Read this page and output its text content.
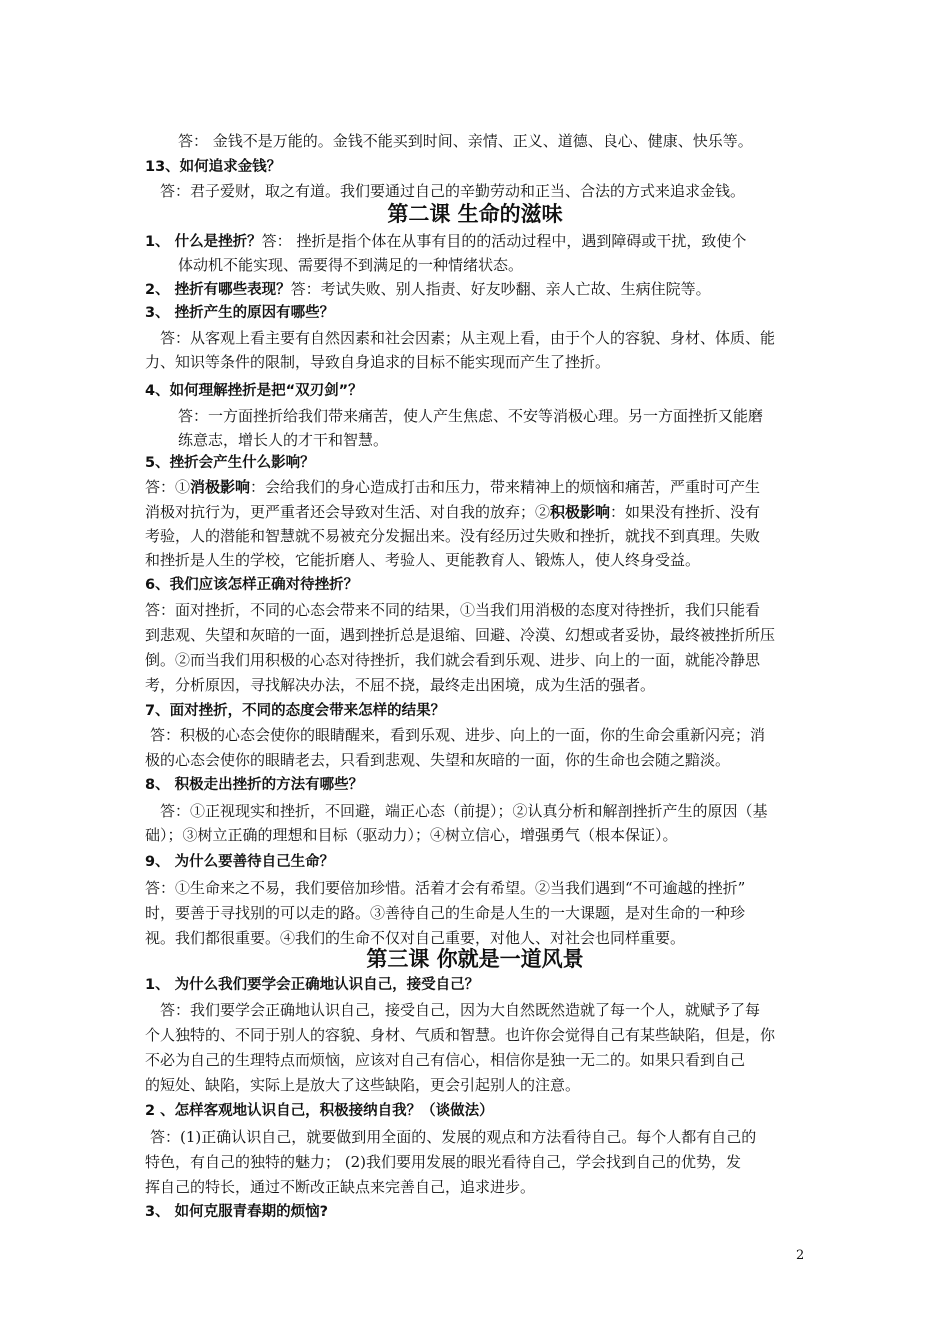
答： 金钱不是万能的。金钱不能买到时间、亲情、正义、道德、良心、健康、快乐等。
13、如何追求金钱？
答：君子爱财，取之有道。我们要通过自己的辛勤劳动和正当、合法的方式来追求金钱。
第二课 生命的滋味
1、 什么是挫折？答： 挫折是指个体在从事有目的的活动过程中，遇到障碍或干扰，致使个
体动机不能实现、需要得不到满足的一种情绪状态。
2、 挫折有哪些表现？答：考试失败、别人指责、好友吵翻、亲人亡故、生病住院等。
3、 挫折产生的原因有哪些？
答：从客观上看主要有自然因素和社会因素；从主观上看，由于个人的容貌、身材、体质、能
力、知识等条件的限制，导致自身追求的目标不能实现而产生了挫折。
4、如何理解挫折是把“双刃剑”？
答：一方面挫折给我们带来痛苦，使人产生焦虑、不安等消极心理。另一方面挫折又能磨
练意志，增长人的才干和智慧。
5、挫折会产生什么影响？
答：①消极影响：会给我们的身心造成打击和压力，带来精神上的烦恼和痛苦，严重时可产生
消极对抗行为，更严重者还会导致对生活、对自我的放弃；②积极影响：如果没有挫折、没有
考验，人的潜能和智慧就不易被充分发掘出来。没有经历过失败和挫折，就找不到真理。失败
和挫折是人生的学校，它能折磨人、考验人、更能教育人、锻炼人，使人终身受益。
6、我们应该怎样正确对待挫折？
答：面对挫折，不同的心态会带来不同的结果，①当我们用消极的态度对待挫折，我们只能看
到悲观、失望和灰暗的一面，遇到挫折总是退缩、回避、冷漠、幻想或者妥协，最终被挫折所压
倒。②而当我们用积极的心态对待挫折，我们就会看到乐观、进步、向上的一面，就能冷静思
考，分析原因，寻找解决办法，不屈不挠，最终走出困境，成为生活的强者。
7、面对挫折，不同的态度会带来怎样的结果？
答：积极的心态会使你的眼睛醒来，看到乐观、进步、向上的一面，你的生命会重新闪亮；消
极的心态会使你的眼睛老去，只看到悲观、失望和灰暗的一面，你的生命也会随之黯淡。
8、 积极走出挫折的方法有哪些？
答：①正视现实和挫折，不回避，端正心态（前提）；②认真分析和解剖挫折产生的原因（基
础）；③树立正确的理想和目标（驱动力）；④树立信心，增强勇气（根本保证）。
9、 为什么要善待自己生命？
答：①生命来之不易，我们要倍加珍惜。活着才会有希望。②当我们遇到“不可逾越的挫折”
时，要善于寻找别的可以走的路。③善待自己的生命是人生的一大课题，是对生命的一种珍
视。我们都很重要。④我们的生命不仅对自己重要，对他人、对社会也同样重要。
第三课 你就是一道风景
1、 为什么我们要学会正确地认识自己，接受自己？
答：我们要学会正确地认识自己，接受自己，因为大自然既然造就了每一个人，就赋予了每
个人独特的、不同于别人的容貌、身材、气质和智慧。也许你会觉得自己有某些缺陷，但是，你
不必为自己的生理特点而烦恼，应该对自己有信心，相信你是独一无二的。如果只看到自己
的短处、缺陷，实际上是放大了这些缺陷，更会引起别人的注意。
2 、怎样客观地认识自己，积极接纳自我？（谈做法）
答：(1)正确认识自己，就要做到用全面的、发展的观点和方法看待自己。每个人都有自己的
特色，有自己的独特的魅力； (2)我们要用发展的眼光看待自己，学会找到自己的优势，发
挥自己的特长，通过不断改正缺点来完善自己，追求进步。
3、 如何克服青春期的烦恼?
2
